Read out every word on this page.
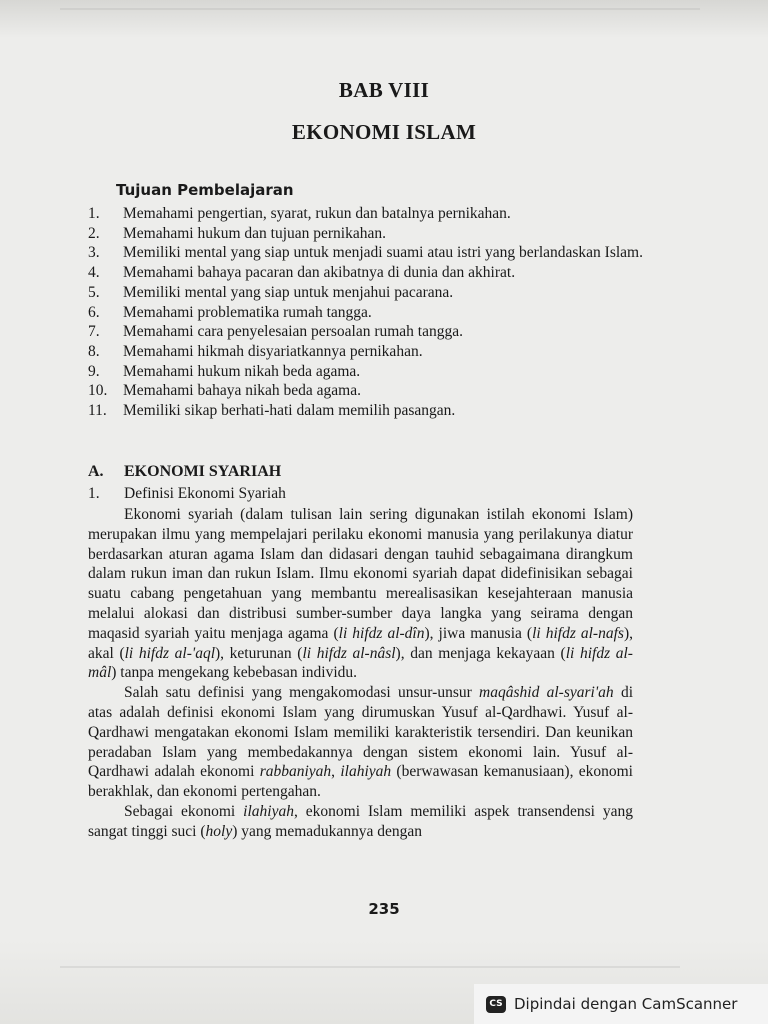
BAB VIII
EKONOMI ISLAM
Tujuan Pembelajaran
1.	Memahami pengertian, syarat, rukun dan batalnya pernikahan.
2.	Memahami hukum dan tujuan pernikahan.
3.	Memiliki mental yang siap untuk menjadi suami atau istri yang berlandaskan Islam.
4.	Memahami bahaya pacaran dan akibatnya di dunia dan akhirat.
5.	Memiliki mental yang siap untuk menjahui pacarana.
6.	Memahami problematika rumah tangga.
7.	Memahami cara penyelesaian persoalan rumah tangga.
8.	Memahami hikmah disyariatkannya pernikahan.
9.	Memahami hukum nikah beda agama.
10.	Memahami bahaya nikah beda agama.
11.	Memiliki sikap berhati-hati dalam memilih pasangan.
A. EKONOMI SYARIAH
1. Definisi Ekonomi Syariah

Ekonomi syariah (dalam tulisan lain sering digunakan istilah ekonomi Islam) merupakan ilmu yang mempelajari perilaku ekonomi manusia yang perilakunya diatur berdasarkan aturan agama Islam dan didasari dengan tauhid sebagaimana dirangkum dalam rukun iman dan rukun Islam. Ilmu ekonomi syariah dapat didefinisikan sebagai suatu cabang pengetahuan yang membantu merealisasikan kesejahteraan manusia melalui alokasi dan distribusi sumber-sumber daya langka yang seirama dengan maqasid syariah yaitu menjaga agama (li hifdz al-dîn), jiwa manusia (li hifdz al-nafs), akal (li hifdz al-'aql), keturunan (li hifdz al-nâsl), dan menjaga kekayaan (li hifdz al-mâl) tanpa mengekang kebebasan individu.

Salah satu definisi yang mengakomodasi unsur-unsur maqâshid al-syari'ah di atas adalah definisi ekonomi Islam yang dirumuskan Yusuf al-Qardhawi. Yusuf al-Qardhawi mengatakan ekonomi Islam memiliki karakteristik tersendiri. Dan keunikan peradaban Islam yang membedakannya dengan sistem ekonomi lain. Yusuf al-Qardhawi adalah ekonomi rabbaniyah, ilahiyah (berwawasan kemanusiaan), ekonomi berakhlak, dan ekonomi pertengahan.

Sebagai ekonomi ilahiyah, ekonomi Islam memiliki aspek transendensi yang sangat tinggi suci (holy) yang memadukannya dengan

235
CS Dipindai dengan CamScanner
